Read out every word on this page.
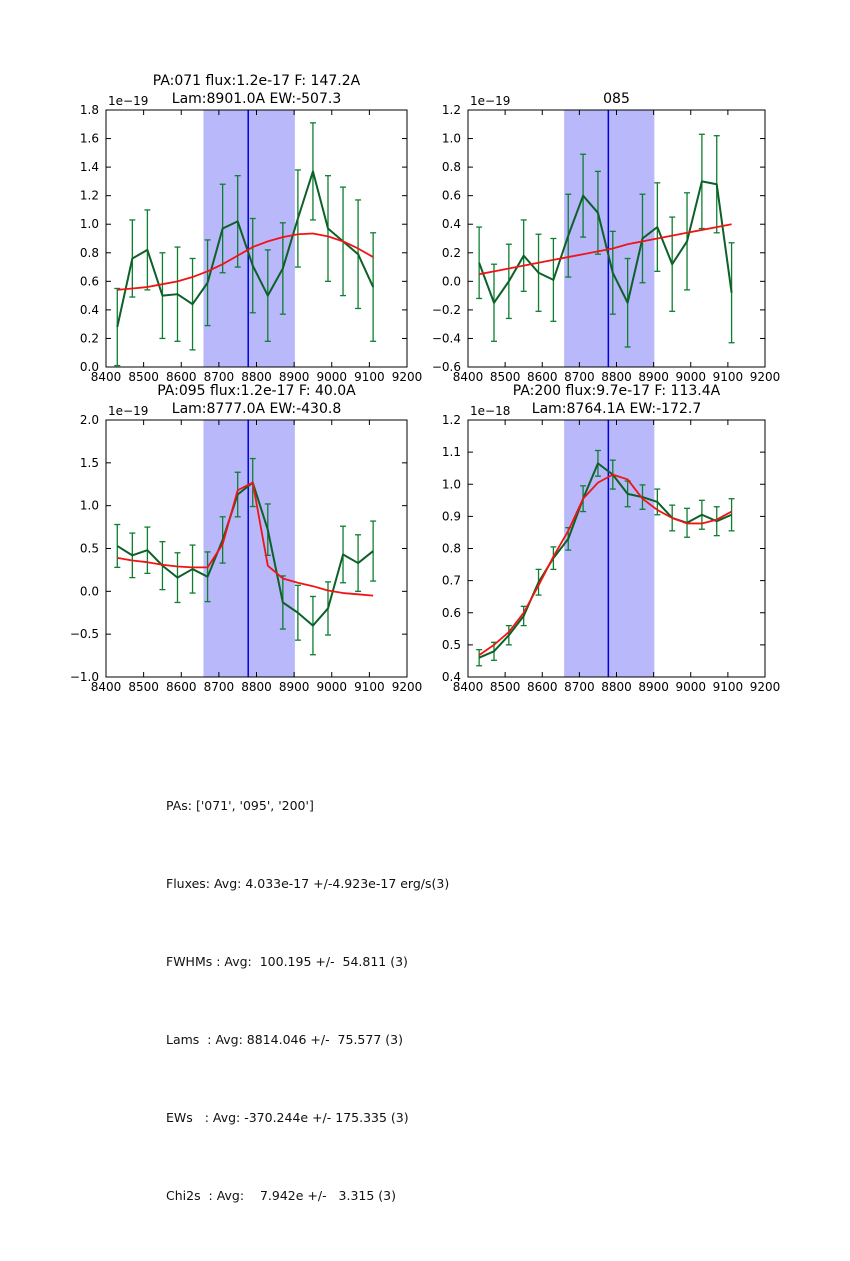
8400 8500 8600 8700 8800 8900 9000 9100 9200
0.0
0.2
0.4
0.6
0.8
1.0
1.2
1.4
1.6
1.8
1e−19
PA:071 flux:1.2e-17 F: 147.2A
Lam:8901.0A EW:-507.3
8400 8500 8600 8700 8800 8900 9000 9100 9200
−0.6
−0.4
−0.2
0.0
0.2
0.4
0.6
0.8
1.0
1.2
1e−19	085
8400 8500 8600 8700 8800 8900 9000 9100 9200
−1.0
−0.5
0.0
0.5
1.0
1.5
2.0
1e−19
PA:095 flux:1.2e-17 F: 40.0A
Lam:8777.0A EW:-430.8
8400 8500 8600 8700 8800 8900 9000 9100 9200
0.4
0.5
0.6
0.7
0.8
0.9
1.0
1.1
1.2
1e−18
PA:200 flux:9.7e-17 F: 113.4A
Lam:8764.1A EW:-172.7

PAs: ['071', '095', '200']

Fluxes: Avg: 4.033e-17 +/-4.923e-17 erg/s(3)

FWHMs : Avg:  100.195 +/-  54.811 (3)

Lams  : Avg: 8814.046 +/-  75.577 (3)

EWs   : Avg: -370.244e +/- 175.335 (3)

Chi2s  : Avg:    7.942e +/-   3.315 (3)
